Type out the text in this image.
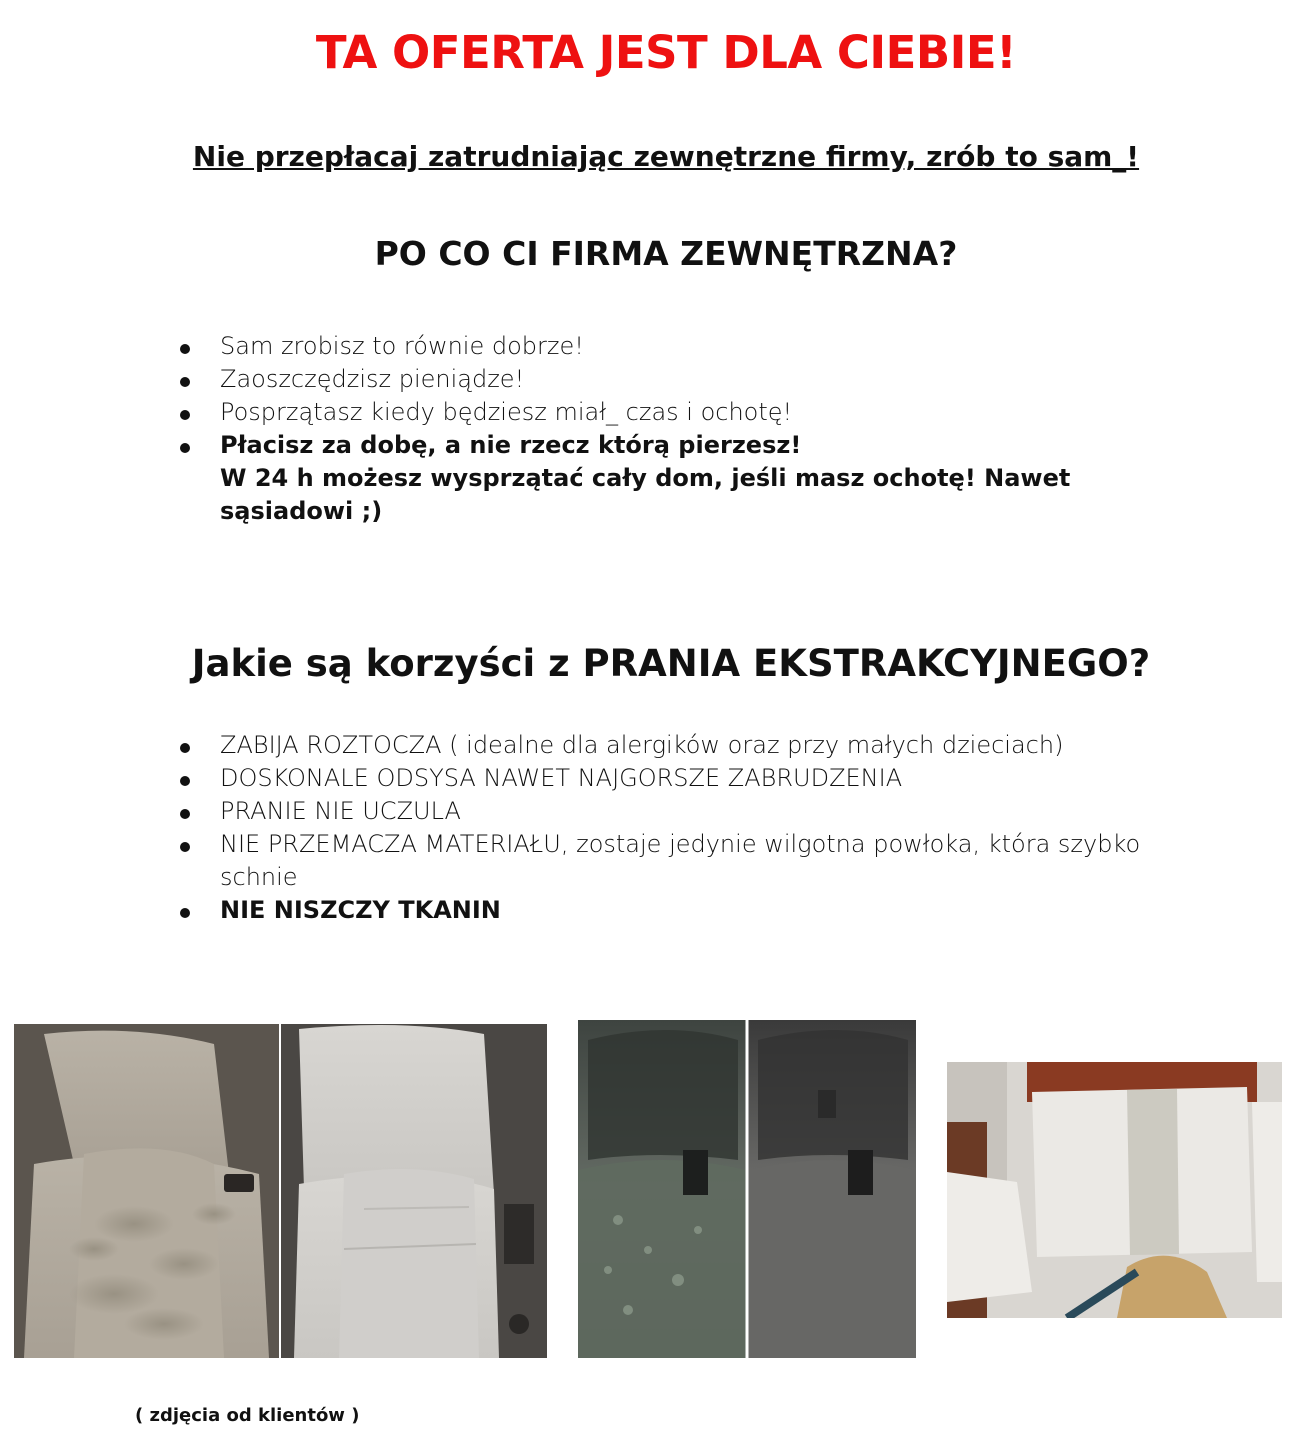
TA OFERTA JEST DLA CIEBIE!
Nie przepłacaj zatrudniając zewnętrzne firmy, zrób to sam_!
PO CO CI FIRMA ZEWNĘTRZNA?
Sam zrobisz to równie dobrze!
Zaoszczędzisz pieniądze!
Posprzątasz kiedy będziesz miał_ czas i ochotę!
Płacisz za dobę, a nie rzecz którą pierzesz!
W 24 h możesz wysprzątać cały dom, jeśli masz ochotę! Nawet sąsiadowi ;)
Jakie są korzyści z PRANIA EKSTRAKCYJNEGO?
ZABIJA ROZTOCZA ( idealne dla alergików oraz przy małych dzieciach)
DOSKONALE ODSYSA NAWET NAJGORSZE ZABRUDZENIA
PRANIE NIE UCZULA
NIE PRZEMACZA MATERIAŁU, zostaje jedynie wilgotna powłoka, która szybko schnie
NIE NISZCZY TKANIN

( zdjęcia od klientów )
